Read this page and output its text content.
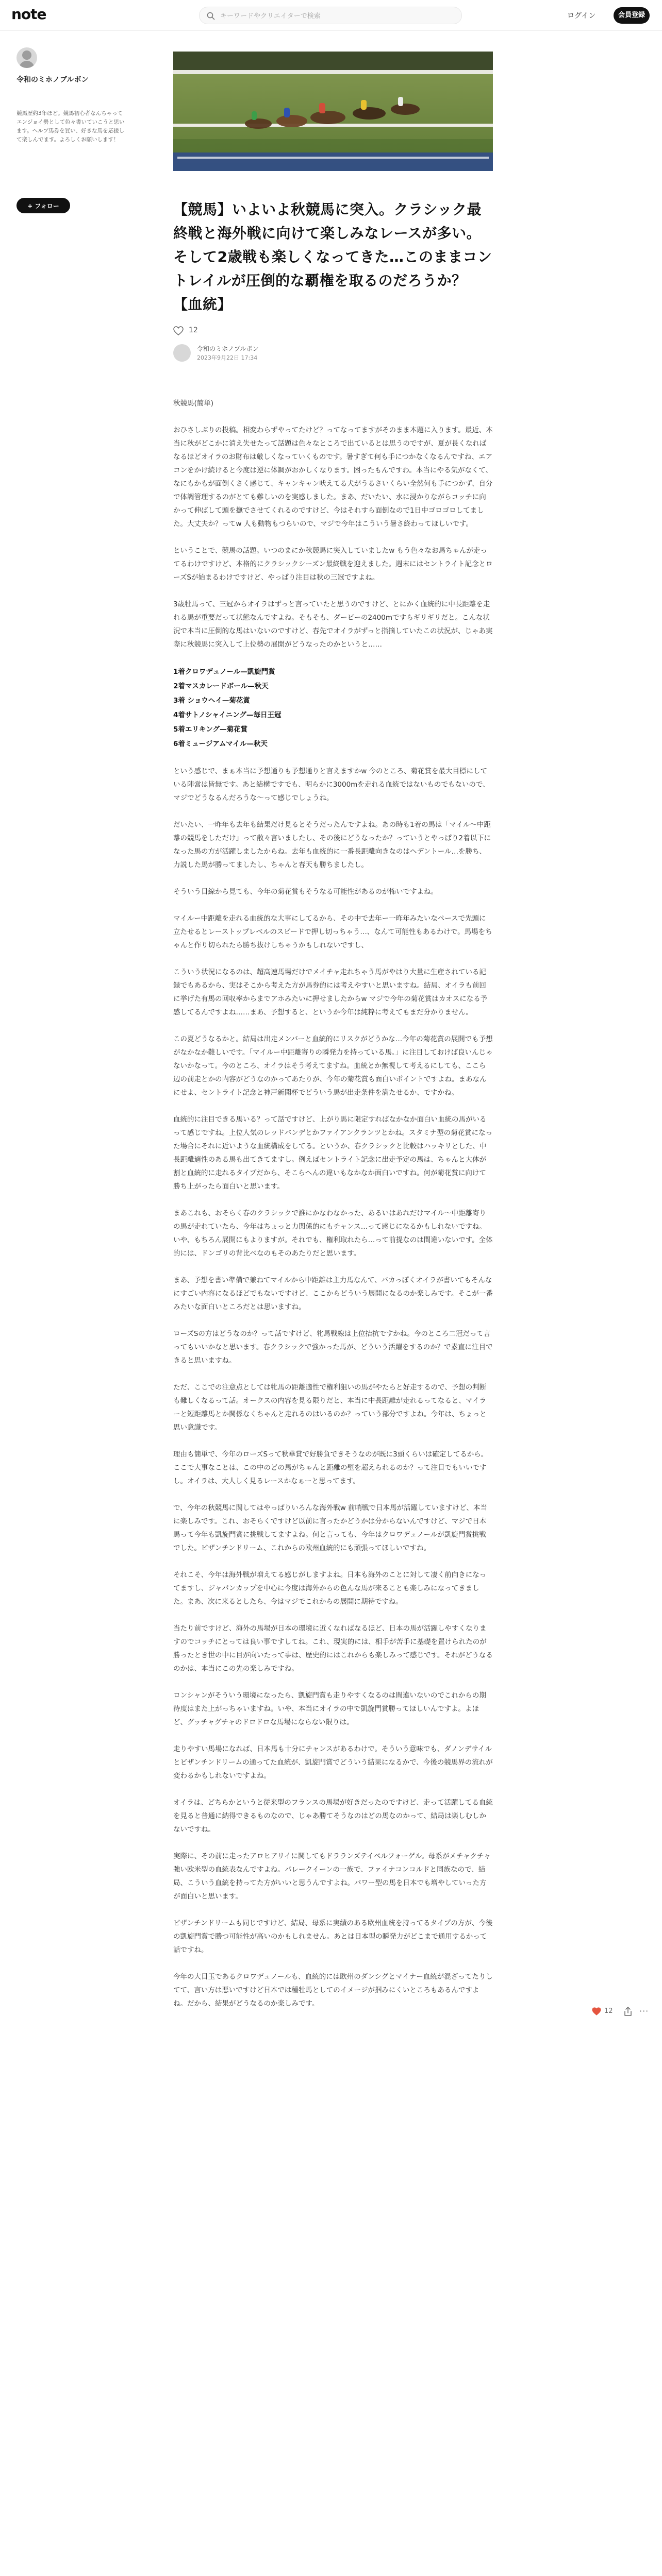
note
キーワードやクリエイターで検索	ログイン	会員登録
令和のミホノブルボン
競馬歴約3年ほど。競馬初心者なんちゃってエンジョイ勢として色々書いていこうと思います。ヘルプ馬券を買い、好きな馬を応援して楽しんでます。よろしくお願いします！
+ フォロー	【競馬】いよいよ秋競馬に突入。クラシック最終戦と海外戦に向けて楽しみなレースが多い。そして2歳戦も楽しくなってきた…このままコントレイルが圧倒的な覇権を取るのだろうか？【血統】
12
令和のミホノブルボン
2023年9月22日 17:34

秋競馬(簡単)

おひさしぶりの投稿。相変わらずやってたけど？ってなってますがそのまま本題に入ります。最近、本当に秋がどこかに消え失せたって話題は色々なところで出ているとは思うのですが、夏が長くなればなるほどオイラのお財布は厳しくなっていくものです。暑すぎて何も手につかなくなるんですね、エアコンをかけ続けると今度は逆に体調がおかしくなります。困ったもんですわ。本当にやる気がなくて、なにもかもが面倒くさく感じて、キャンキャン吠えてる犬がうるさいくらい全然何も手につかず、自分で体調管理するのがとても難しいのを実感しました。まあ、だいたい、水に浸かりながらコッチに向かって伸ばして頭を撫でさせてくれるのですけど、今はそれすら面倒なので1日中ゴロゴロしてました。大丈夫か？ってw 人も動物もつらいので、マジで今年はこういう暑さ終わってほしいです。

ということで、競馬の話題。いつのまにか秋競馬に突入していましたw もう色々なお馬ちゃんが走ってるわけですけど、本格的にクラシックシーズン最終戦を迎えました。週末にはセントライト記念とローズSが始まるわけですけど、やっぱり注目は秋の三冠ですよね。

3歳牡馬って、三冠からオイラはずっと言っていたと思うのですけど、とにかく血統的に中長距離を走れる馬が重要だって状態なんですよね。そもそも、ダービーの2400mですらギリギリだと。こんな状況で本当に圧倒的な馬はいないのですけど、春先でオイラがずっと指摘していたこの状況が、じゃあ実際に秋競馬に突入して上位勢の展開がどうなったのかというと……

1着クロワデュノール—凱旋門賞
2着マスカレードボール—秋天
3着 ショウヘイ—菊花賞
4着サトノシャイニング—毎日王冠
5着エリキング—菊花賞
6着ミュージアムマイル—秋天

という感じで、まぁ本当に予想通りも予想通りと言えますかw 今のところ、菊花賞を最大目標にしている陣営は皆無です。あと結構ですでも、明らかに3000mを走れる血統ではないものでもないので、マジでどうなるんだろうな〜って感じでしょうね。

だいたい、一昨年も去年も結果だけ見るとそうだったんですよね。あの時も1着の馬は「マイル〜中距離の競馬をしただけ」って散々言いましたし、その後にどうなったか？っていうとやっぱり2着以下になった馬の方が活躍しましたからね。去年も血統的に一番長距離向きなのはヘデントール…を勝ち、力説した馬が勝ってましたし、ちゃんと春天も勝ちましたし。

そういう目線から見ても、今年の菊花賞もそうなる可能性があるのが怖いですよね。

マイルー中距離を走れる血統的な大事にしてるから、その中で去年ー一昨年みたいなペースで先頭に立たせるとレーストップレベルのスピードで押し切っちゃう…、なんて可能性もあるわけで。馬場をちゃんと作り切られたら勝ち抜けしちゃうかもしれないですし、

こういう状況になるのは、超高速馬場だけでメイチャ走れちゃう馬がやはり大量に生産されている記録でもあるから、実はそこから考えた方が馬券的には考えやすいと思いますね。結局、オイラも前回に挙げた有馬の回収率からまでアホみたいに押せましたからw マジで今年の菊花賞はカオスになる予感してるんですよね……まあ、予想すると、というか今年は純粋に考えてもまだ分かりません。

この夏どうなるかと。結局は出走メンバーと血統的にリスクがどうかな…今年の菊花賞の展開でも予想がなかなか難しいです。「マイルー中距離寄りの瞬発力を持っている馬。」に注目しておけば良いんじゃないかなって。今のところ、オイラはそう考えてますね。血統とか無視して考えるにしても、ここら辺の前走とかの内容がどうなのかってあたりが、今年の菊花賞も面白いポイントですよね。まあなんにせよ、セントライト記念と神戸新聞杯でどういう馬が出走条件を満たせるか、ですかね。

血統的に注目できる馬いる？って話ですけど、上がり馬に限定すればなかなか面白い血統の馬がいるって感じですね。上位人気のレッドバンデとかファイアンクランツとかね。スタミナ型の菊花賞になった場合にそれに近いような血統構成をしてる。というか、春クラシックと比較はハッキリとした、中長距離適性のある馬も出てきてますし。例えばセントライト記念に出走予定の馬は、ちゃんと大体が割と血統的に走れるタイプだから、そこらへんの違いもなかなか面白いですね。何が菊花賞に向けて勝ち上がったら面白いと思います。

まあこれも、おそらく春のクラシックで誰にかなわなかった、あるいはあれだけマイル〜中距離寄りの馬が走れていたら、今年はちょっと力関係的にもチャンス…って感じになるかもしれないですね。いや、もちろん展開にもよりますが。それでも、権利取れたら…って前提なのは間違いないです。全体的には、ドンゴリの背比べなのもそのあたりだと思います。

まあ、予想を書い準備で兼ねてマイルから中距離は主力馬なんて、バカっぽくオイラが書いてもそんなにすごい内容になるほどでもないですけど、ここからどういう展開になるのか楽しみです。そこが一番みたいな面白いところだとは思いますね。

ローズSの方はどうなのか？って話ですけど、牝馬戦線は上位拮抗ですかね。今のところ二冠だって言ってもいいかなと思います。春クラシックで強かった馬が、どういう活躍をするのか？で素直に注目できると思いますね。

ただ、ここでの注意点としては牝馬の距離適性で権利狙いの馬がやたらと好走するので、予想の判断も難しくなるって話。オークスの内容を見る限りだと、本当に中長距離が走れるってなると、マイラーと短距離馬とか関係なくちゃんと走れるのはいるのか？っていう部分ですよね。今年は、ちょっと思い意識です。

理由も簡単で、今年のローズSって秋華賞で好勝負できそうなのが既に3頭くらいは確定してるから。ここで大事なことは、この中のどの馬がちゃんと距離の壁を超えられるのか？って注目でもいいですし。オイラは、大人しく見るレースかなぁーと思ってます。

で、今年の秋競馬に関してはやっぱりいろんな海外戦w 前哨戦で日本馬が活躍していますけど、本当に楽しみです。これ、おそらくですけど以前に言ったかどうかは分からないんですけど、マジで日本馬って今年も凱旋門賞に挑戦してますよね。何と言っても、今年はクロワデュノールが凱旋門賞挑戦でした。ビザンチンドリーム、これからの欧州血統的にも頑張ってほしいですね。

それこそ、今年は海外戦が増えてる感じがしますよね。日本も海外のことに対して凄く前向きになってますし、ジャパンカップを中心に今度は海外からの色んな馬が来ることも楽しみになってきました。まあ、次に来るとしたら、今はマジでこれからの展開に期待ですね。

当たり前ですけど、海外の馬場が日本の環境に近くなればなるほど、日本の馬が活躍しやすくなりますのでコッチにとっては良い事ですしてね。これ、現実的には、相手が苦手に基礎を置けられたのが勝ったとき世の中に目が向いたって事は、歴史的にはこれからも楽しみって感じです。それがどうなるのかは、本当にこの先の楽しみですね。

ロンシャンがそういう環境になったら、凱旋門賞も走りやすくなるのは間違いないのでこれからの期待度はまた上がっちゃいますね。いや、本当にオイラの中で凱旋門賞勝ってほしいんですよ。よほど、グッチャグチャのドロドロな馬場にならない限りは。

走りやすい馬場になれば、日本馬も十分にチャンスがあるわけで。そういう意味でも、ダノンデサイルとビザンチンドリームの通ってた血統が、凱旋門賞でどういう結果になるかで、今後の競馬界の流れが変わるかもしれないですよね。

オイラは、どちらかというと従来型のフランスの馬場が好きだったのですけど、走って活躍してる血統を見ると普通に納得できるものなので、じゃあ勝てそうなのはどの馬なのかって、結局は楽しむしかないですね。

実際に、その前に走ったアロヒアリイに関してもドラランズテイベルフォーゲル。母系がメチャクチャ強い欧米型の血統表なんですよね。パレークイーンの一族で、ファイナコンコルドと同族なので、結局、こういう血統を持ってた方がいいと思うんですよね。パワー型の馬を日本でも増やしていった方が面白いと思います。

ビザンチンドリームも同じですけど、結局、母系に実績のある欧州血統を持ってるタイプの方が、今後の凱旋門賞で勝つ可能性が高いのかもしれません。あとは日本型の瞬発力がどこまで通用するかって話ですね。

今年の大目玉であるクロワデュノールも、血統的には欧州のダンシグとマイナー血統が混ざってたりしてて、言い方は悪いですけど日本では種牡馬としてのイメージが掴みにくいところもあるんですよね。だから、結果がどうなるのか楽しみです。

12	···
